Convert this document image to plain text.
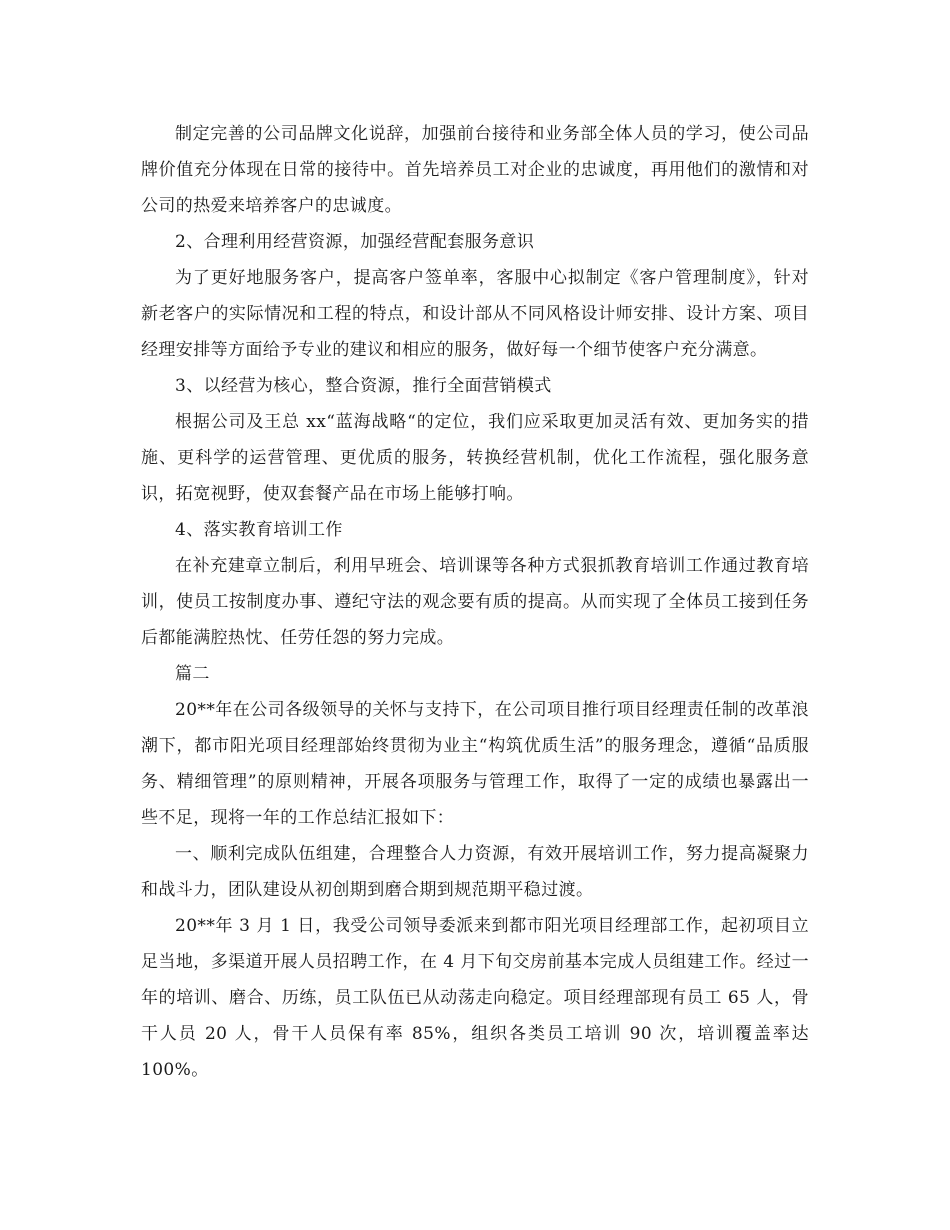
制定完善的公司品牌文化说辞，加强前台接待和业务部全体人员的学习，使公司品牌价值充分体现在日常的接待中。首先培养员工对企业的忠诚度，再用他们的激情和对公司的热爱来培养客户的忠诚度。

2、合理利用经营资源，加强经营配套服务意识

为了更好地服务客户，提高客户签单率，客服中心拟制定《客户管理制度》，针对新老客户的实际情况和工程的特点，和设计部从不同风格设计师安排、设计方案、项目经理安排等方面给予专业的建议和相应的服务，做好每一个细节使客户充分满意。

3、以经营为核心，整合资源，推行全面营销模式

根据公司及王总 xx“蓝海战略“的定位，我们应采取更加灵活有效、更加务实的措施、更科学的运营管理、更优质的服务，转换经营机制，优化工作流程，强化服务意识，拓宽视野，使双套餐产品在市场上能够打响。

4、落实教育培训工作

在补充建章立制后，利用早班会、培训课等各种方式狠抓教育培训工作通过教育培训，使员工按制度办事、遵纪守法的观念要有质的提高。从而实现了全体员工接到任务后都能满腔热忱、任劳任怨的努力完成。

篇二

20**年在公司各级领导的关怀与支持下，在公司项目推行项目经理责任制的改革浪潮下，都市阳光项目经理部始终贯彻为业主“构筑优质生活”的服务理念，遵循“品质服务、精细管理”的原则精神，开展各项服务与管理工作，取得了一定的成绩也暴露出一些不足，现将一年的工作总结汇报如下：

一、顺利完成队伍组建，合理整合人力资源，有效开展培训工作，努力提高凝聚力和战斗力，团队建设从初创期到磨合期到规范期平稳过渡。

20**年 3 月 1 日，我受公司领导委派来到都市阳光项目经理部工作，起初项目立足当地，多渠道开展人员招聘工作，在 4 月下旬交房前基本完成人员组建工作。经过一年的培训、磨合、历练，员工队伍已从动荡走向稳定。项目经理部现有员工 65 人，骨干人员 20 人，骨干人员保有率 85%，组织各类员工培训 90 次，培训覆盖率达 100%。
